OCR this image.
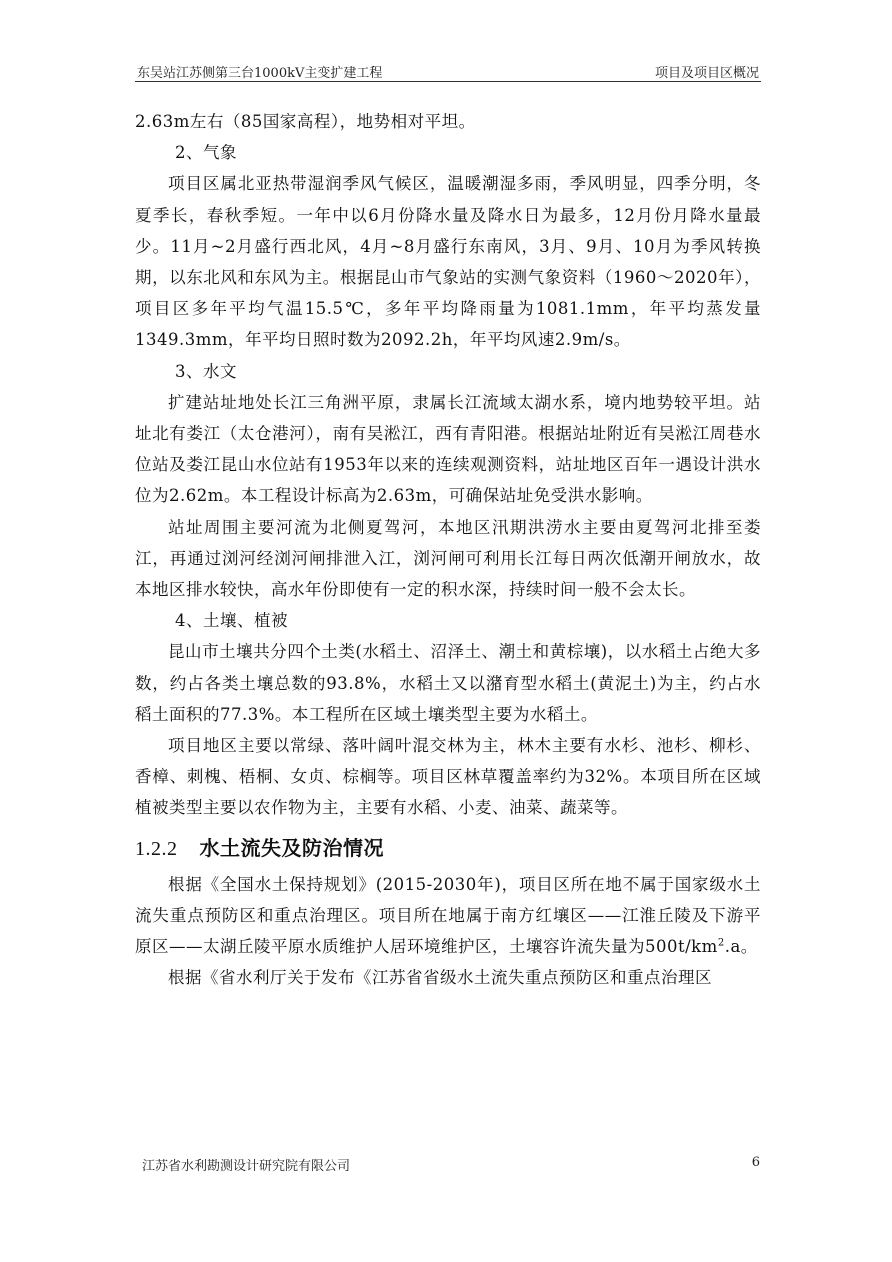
东吴站江苏侧第三台1000kV主变扩建工程	项目及项目区概况

2.63m左右（85国家高程），地势相对平坦。

2、气象

项目区属北亚热带湿润季风气候区，温暖潮湿多雨，季风明显，四季分明，冬夏季长，春秋季短。一年中以6月份降水量及降水日为最多，12月份月降水量最少。11月~2月盛行西北风，4月~8月盛行东南风，3月、9月、10月为季风转换期，以东北风和东风为主。根据昆山市气象站的实测气象资料（1960～2020年），项目区多年平均气温15.5℃，多年平均降雨量为1081.1mm，年平均蒸发量1349.3mm，年平均日照时数为2092.2h，年平均风速2.9m/s。

3、水文

扩建站址地处长江三角洲平原，隶属长江流域太湖水系，境内地势较平坦。站址北有娄江（太仓港河），南有吴淞江，西有青阳港。根据站址附近有吴淞江周巷水位站及娄江昆山水位站有1953年以来的连续观测资料，站址地区百年一遇设计洪水位为2.62m。本工程设计标高为2.63m，可确保站址免受洪水影响。

站址周围主要河流为北侧夏驾河，本地区汛期洪涝水主要由夏驾河北排至娄江，再通过浏河经浏河闸排泄入江，浏河闸可利用长江每日两次低潮开闸放水，故本地区排水较快，高水年份即使有一定的积水深，持续时间一般不会太长。

4、土壤、植被

昆山市土壤共分四个土类(水稻土、沼泽土、潮土和黄棕壤)，以水稻土占绝大多数，约占各类土壤总数的93.8%，水稻土又以潴育型水稻土(黄泥土)为主，约占水稻土面积的77.3%。本工程所在区域土壤类型主要为水稻土。

项目地区主要以常绿、落叶阔叶混交林为主，林木主要有水杉、池杉、柳杉、香樟、刺槐、梧桐、女贞、棕榈等。项目区林草覆盖率约为32%。本项目所在区域植被类型主要以农作物为主，主要有水稻、小麦、油菜、蔬菜等。

1.2.2 水土流失及防治情况

根据《全国水土保持规划》(2015-2030年)，项目区所在地不属于国家级水土流失重点预防区和重点治理区。项目所在地属于南方红壤区——江淮丘陵及下游平原区——太湖丘陵平原水质维护人居环境维护区，土壤容许流失量为$500t/km^2.a$。

根据《省水利厅关于发布《江苏省省级水土流失重点预防区和重点治理区

江苏省水利勘测设计研究院有限公司	6
